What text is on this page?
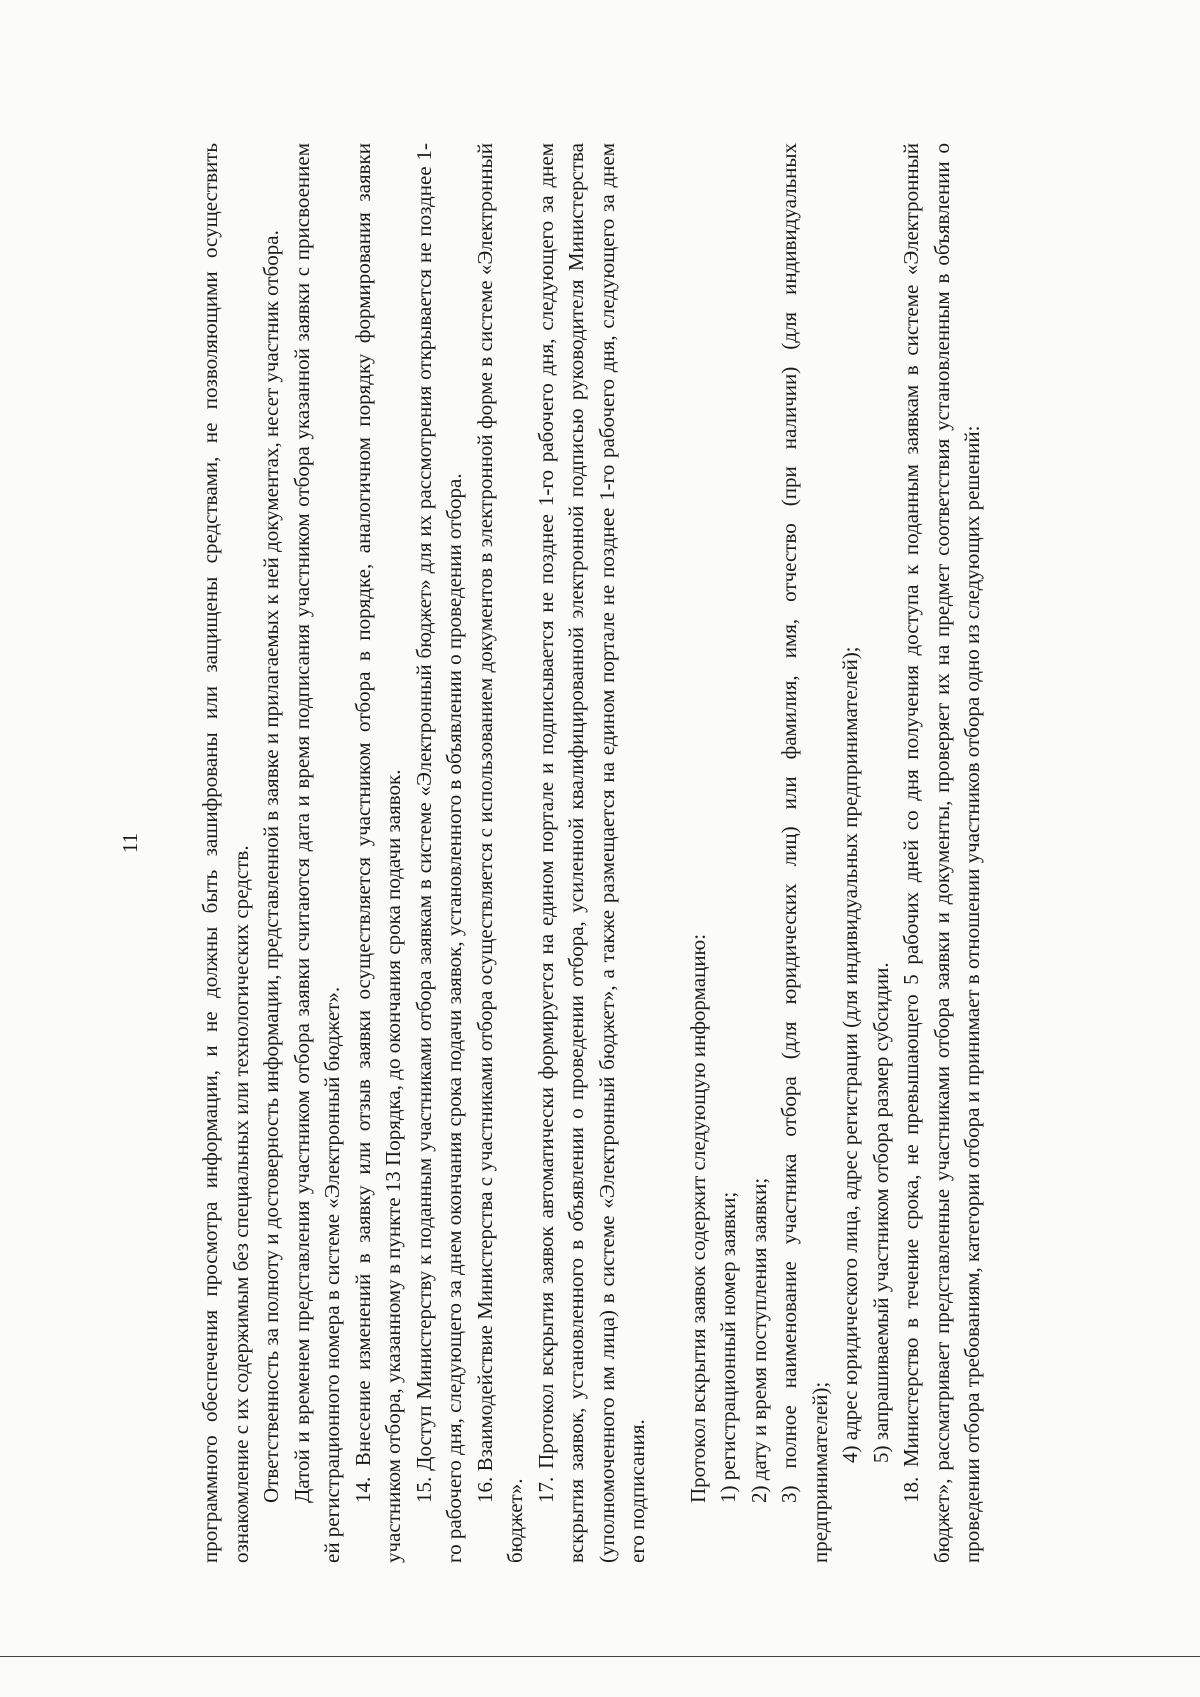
11	программного обеспечения просмотра информации, и не должны быть зашифрованы или защищены средствами, не позволяющими осуществить ознакомление с их содержимым без специальных или технологических средств. Ответственность за полноту и достоверность информации, представленной в заявке и прилагаемых к ней документах, несет участник отбора. Датой и временем представления участником отбора заявки считаются дата и время подписания участником отбора указанной заявки с присвоением ей регистрационного номера в системе «Электронный бюджет». 14. Внесение изменений в заявку или отзыв заявки осуществляется участником отбора в порядке, аналогичном порядку формирования заявки участником отбора, указанному в пункте 13 Порядка, до окончания срока подачи заявок. 15. Доступ Министерству к поданным участниками отбора заявкам в системе «Электронный бюджет» для их рассмотрения открывается не позднее 1-го рабочего дня, следующего за днем окончания срока подачи заявок, установленного в объявлении о проведении отбора. 16. Взаимодействие Министерства с участниками отбора осуществляется с использованием документов в электронной форме в системе «Электронный бюджет».

17. Протокол вскрытия заявок автоматически формируется на едином портале и подписывается не позднее 1-го рабочего дня, следующего за днем вскрытия заявок, установленного в объявлении о проведении отбора, усиленной квалифицированной электронной подписью руководителя Министерства (уполномоченного им лица) в системе «Электронный бюджет», а также размещается на едином портале не позднее 1-го рабочего дня, следующего за днем его подписания. Протокол вскрытия заявок содержит следующую информацию: 1) регистрационный номер заявки; 2) дату и время поступления заявки; 3) полное наименование участника отбора (для юридических лиц) или фамилия, имя, отчество (при наличии) (для индивидуальных предпринимателей);

4) адрес юридического лица, адрес регистрации (для индивидуальных предпринимателей); 5) запрашиваемый участником отбора размер субсидии. 18. Министерство в течение срока, не превышающего 5 рабочих дней со дня получения доступа к поданным заявкам в системе «Электронный бюджет», рассматривает представленные участниками отбора заявки и документы, проверяет их на предмет соответствия установленным в объявлении о проведении отбора требованиям, категории отбора и принимает в отношении участников отбора одно из следующих решений:
